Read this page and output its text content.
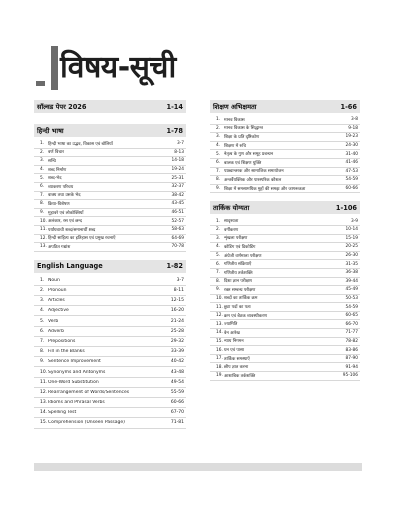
विषय-सूची
सॉल्वड पेपर 2026	1-14
हिन्दी भाषा	1-78
1. हिन्दी भाषा का उद्भव, विकास एवं बोलियाँ	3-7
2. वर्ण विचार	8-13
3. सन्धि	14-18
4. शब्द निर्माण	19-24
5. शब्द-भेद	25-31
6. व्याकरण परिचय	32-37
7. वाक्य तथा उसके भेद	38-42
8. क्रिया-विशेषण	43-45
9. मुहावरे एवं लोकोक्तियाँ	46-51
10. अलंकार, रस एवं छन्द	52-57
11. पर्यायवाची शब्द/समानार्थी शब्द	58-63
12. हिन्दी साहित्य का इतिहास एवं प्रमुख रचनाएँ	64-69
13. अपठित गद्यांश	70-78
English Language	1-82
1. Noun	3-7
2. Pronoun	8-11
3. Articles	12-15
4. Adjective	16-20
5. Verb	21-24
6. Adverb	25-28
7. Prepositions	29-32
8. Fill in the Blanks	33-39
9. Sentence Improvement	40-42
10. Synonyms and Antonyms	43-48
11. One-Word Substitution	49-54
12. Rearrangement of Words/Sentences	55-59
13. Idioms and Phrasal Verbs	60-66
14. Spelling Test	67-70
15. Comprehension (Unseen Passage)	71-81
शिक्षण अभिक्षमता	1-66
1. मानव विकास	3-8
2. मानव विकास के सिद्धान्त	9-18
3. शिक्षा के प्रति दृष्टिकोण	19-23
4. शिक्षण में रुचि	24-30
5. नेतृत्व के गुण और समूह प्रबन्धन	31-40
6. बालक एवं शिक्षण युक्ति	41-46
7. पाठ्यान्तरक और सामाजिक समायोजन	47-53
8. अन्तर्वैयक्तिक और पारस्परिक कौशल	54-59
9. शिक्षा में समसामयिक मुद्दों की समझ और जागरूकता	60-66
तार्किक योग्यता	1-106
1. सादृश्यता	3-9
2. वर्गीकरण	10-14
3. शृंखला परीक्षण	15-19
4. कोडिंग एवं डिकोडिंग	20-25
5. अंग्रेजी वर्णमाला परीक्षण	26-30
6. गणितीय संक्रियाएँ	31-35
7. गणितीय तर्कशक्ति	36-38
8. दिशा ज्ञान परीक्षण	39-44
9. रक्त सम्बन्ध परीक्षण	45-49
10. शब्दों का तार्किक क्रम	50-53
11. छुटा पदों का पता	54-59
12. क्रम एवं बैठक व्यवस्थीकरण	60-65
13. ज्यामिति	66-70
14. वेन आरेख	71-77
15. न्याय निगमन	78-82
16. घन एवं पासा	83-86
17. तार्किक समस्याएँ	87-90
18. छीप ज्ञात करना	91-94
19. आशाबिक तर्कशक्ति	95-106
